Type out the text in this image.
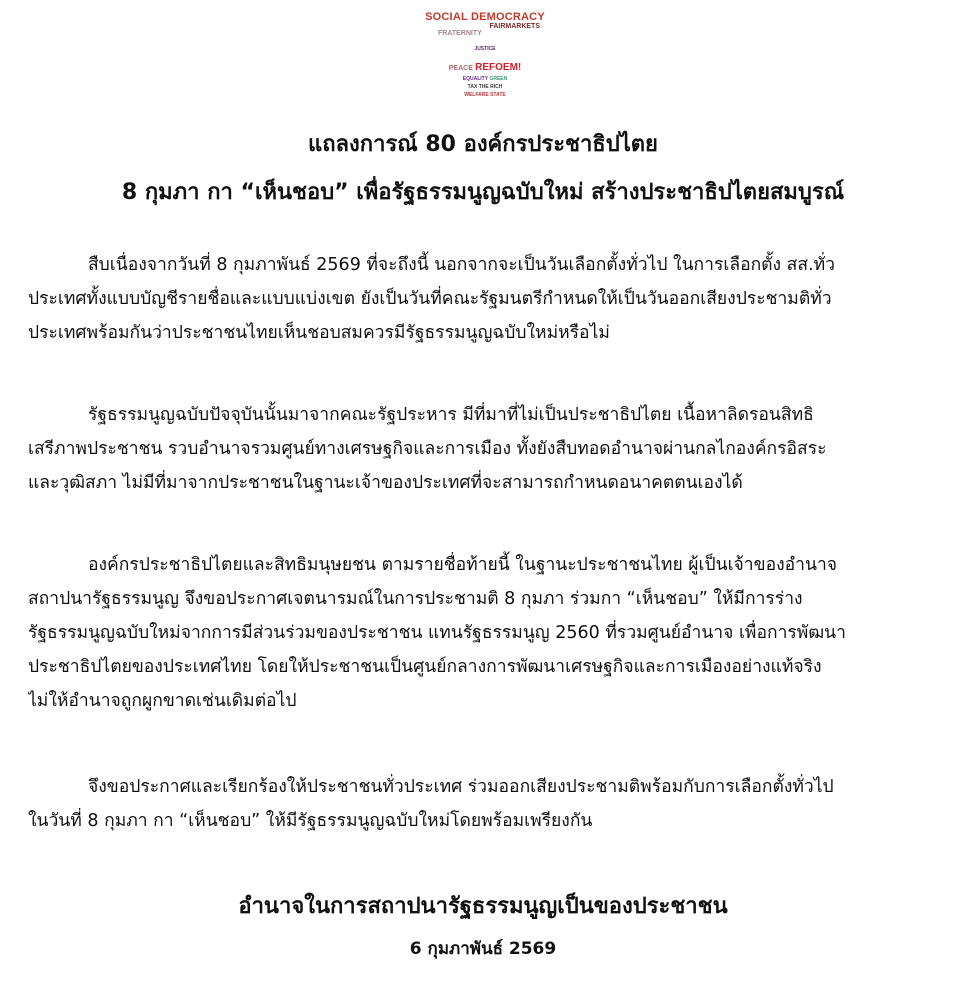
SOCIAL DEMOCRACY
FAIRMARKETS
FRATERNITY
JUSTICE
·
PEACE REFOEM!
EQUALITY GREEN
TAX THE RICH
WELFARE STATE
แถลงการณ์ 80 องค์กรประชาธิปไตย
8 กุมภา กา “เห็นชอบ” เพื่อรัฐธรรมนูญฉบับใหม่ สร้างประชาธิปไตยสมบูรณ์
สืบเนื่องจากวันที่ 8 กุมภาพันธ์ 2569 ที่จะถึงนี้ นอกจากจะเป็นวันเลือกตั้งทั่วไป ในการเลือกตั้ง สส.ทั่ว
ประเทศทั้งแบบบัญชีรายชื่อและแบบแบ่งเขต ยังเป็นวันที่คณะรัฐมนตรีกำหนดให้เป็นวันออกเสียงประชามติทั่ว
ประเทศพร้อมกันว่าประชาชนไทยเห็นชอบสมควรมีรัฐธรรมนูญฉบับใหม่หรือไม่
รัฐธรรมนูญฉบับปัจจุบันนั้นมาจากคณะรัฐประหาร มีที่มาที่ไม่เป็นประชาธิปไตย เนื้อหาลิดรอนสิทธิ
เสรีภาพประชาชน รวบอำนาจรวมศูนย์ทางเศรษฐกิจและการเมือง ทั้งยังสืบทอดอำนาจผ่านกลไกองค์กรอิสระ
และวุฒิสภา ไม่มีที่มาจากประชาชนในฐานะเจ้าของประเทศที่จะสามารถกำหนดอนาคตตนเองได้
องค์กรประชาธิปไตยและสิทธิมนุษยชน ตามรายชื่อท้ายนี้ ในฐานะประชาชนไทย ผู้เป็นเจ้าของอำนาจ
สถาปนารัฐธรรมนูญ จึงขอประกาศเจตนารมณ์ในการประชามติ 8 กุมภา ร่วมกา “เห็นชอบ” ให้มีการร่าง
รัฐธรรมนูญฉบับใหม่จากการมีส่วนร่วมของประชาชน แทนรัฐธรรมนูญ 2560 ที่รวมศูนย์อำนาจ เพื่อการพัฒนา
ประชาธิปไตยของประเทศไทย โดยให้ประชาชนเป็นศูนย์กลางการพัฒนาเศรษฐกิจและการเมืองอย่างแท้จริง
ไม่ให้อำนาจถูกผูกขาดเช่นเดิมต่อไป
จึงขอประกาศและเรียกร้องให้ประชาชนทั่วประเทศ ร่วมออกเสียงประชามติพร้อมกับการเลือกตั้งทั่วไป
ในวันที่ 8 กุมภา กา “เห็นชอบ” ให้มีรัฐธรรมนูญฉบับใหม่โดยพร้อมเพรียงกัน
อำนาจในการสถาปนารัฐธรรมนูญเป็นของประชาชน
6 กุมภาพันธ์ 2569
